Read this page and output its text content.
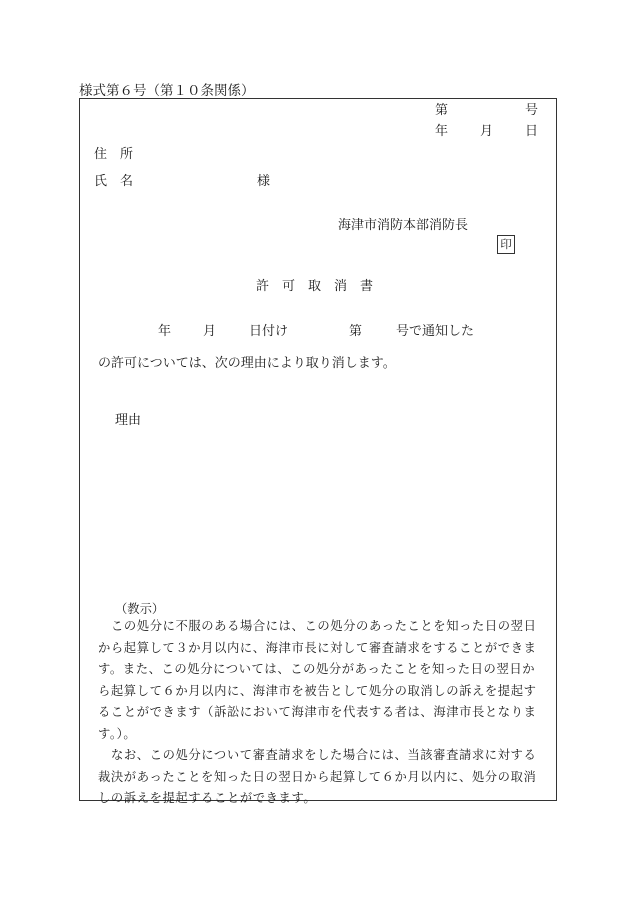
様式第６号（第１０条関係）
第	号
年 月 日
住　所
氏　名	様
海津市消防本部消防長
印
許　可　取　消　書
年 月	日付け	第	号で通知した
の許可については、次の理由により取り消します。
理由
（教示）

この処分に不服のある場合には、この処分のあったことを知った日の翌日

から起算して３か月以内に、海津市長に対して審査請求をすることができま

す。また、この処分については、この処分があったことを知った日の翌日か

ら起算して６か月以内に、海津市を被告として処分の取消しの訴えを提起す

ることができます（訴訟において海津市を代表する者は、海津市長となりま

す。）。

なお、この処分について審査請求をした場合には、当該審査請求に対する

裁決があったことを知った日の翌日から起算して６か月以内に、処分の取消

しの訴えを提起することができます。
